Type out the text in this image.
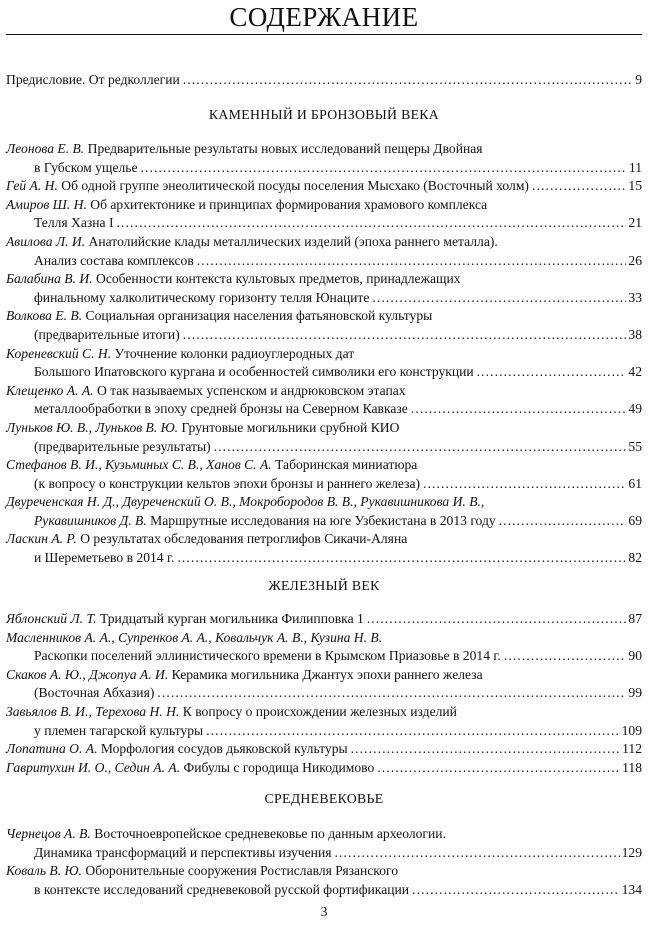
СОДЕРЖАНИЕ
Предисловие. От редколлегии .....	9
КАМЕННЫЙ И БРОНЗОВЫЙ ВЕКА
Леонова Е. В. Предварительные результаты новых исследований пещеры Двойная
в Губском ущелье .....	11
Гей А. Н. Об одной группе энеолитической посуды поселения Мысхако (Восточный холм) .....	15
Амиров Ш. Н. Об архитектонике и принципах формирования храмового комплекса
Телля Хазна I .....	21
Авилова Л. И. Анатолийские клады металлических изделий (эпоха раннего металла).
Анализ состава комплексов .....	26
Балабина В. И. Особенности контекста культовых предметов, принадлежащих
финальному халколитическому горизонту телля Юнаците .....	33
Волкова Е. В. Социальная организация населения фатьяновской культуры
(предварительные итоги) .....	38
Кореневский С. Н. Уточнение колонки радиоуглеродных дат
Большого Ипатовского кургана и особенностей символики его конструкции .....	42
Клещенко А. А. О так называемых успенском и андрюковском этапах
металлообработки в эпоху средней бронзы на Северном Кавказе .....	49
Луньков Ю. В., Луньков В. Ю. Грунтовые могильники срубной КИО
(предварительные результаты) .....	55
Стефанов В. И., Кузьминых С. В., Ханов С. А. Таборинская миниатюра
(к вопросу о конструкции кельтов эпохи бронзы и раннего железа) .....	61
Двуреченская Н. Д., Двуреченский О. В., Мокробородов В. В., Рукавишникова И. В.,
Рукавишников Д. В. Маршрутные исследования на юге Узбекистана в 2013 году .....	69
Ласкин А. Р. О результатах обследования петроглифов Сикачи-Аляна
и Шереметьево в 2014 г. .....	82
ЖЕЛЕЗНЫЙ ВЕК
Яблонский Л. Т. Тридцатый курган могильника Филипповка 1 .....	87
Масленников А. А., Супренков А. А., Ковальчук А. В., Кузина Н. В.
Раскопки поселений эллинистического времени в Крымском Приазовье в 2014 г. .....	90
Скаков А. Ю., Джопуа А. И. Керамика могильника Джантух эпохи раннего железа
(Восточная Абхазия) .....	99
Завьялов В. И., Терехова Н. Н. К вопросу о происхождении железных изделий
у племен тагарской культуры .....	109
Лопатина О. А. Морфология сосудов дьяковской культуры .....	112
Гавритухин И. О., Седин А. А. Фибулы с городища Никодимово .....	118
СРЕДНЕВЕКОВЬЕ
Чернецов А. В. Восточноевропейское средневековье по данным археологии.
Динамика трансформаций и перспективы изучения .....	129
Коваль В. Ю. Оборонительные сооружения Ростиславля Рязанского
в контексте исследований средневековой русской фортификации .....	134
3
